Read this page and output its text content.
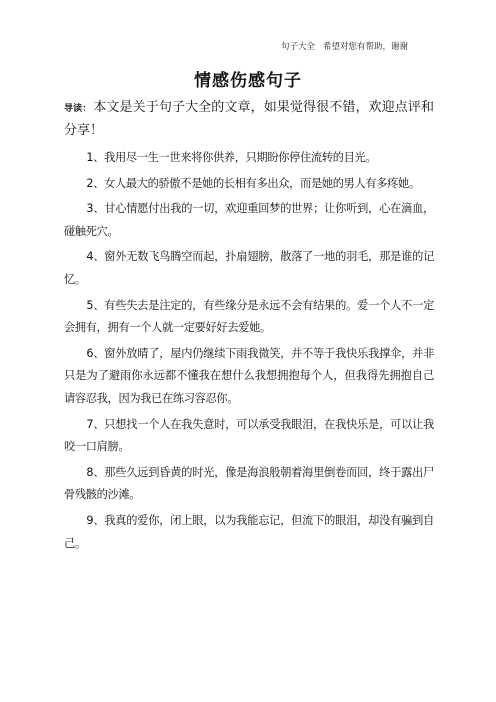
句子大全 希望对您有帮助，谢谢
情感伤感句子

导读： 本文是关于句子大全的文章，如果觉得很不错，欢迎点评和分享！

1、我用尽一生一世来将你供养，只期盼你停住流转的目光。

2、女人最大的骄傲不是她的长相有多出众，而是她的男人有多疼她。

3、甘心情愿付出我的一切，欢迎重回梦的世界；让你听到，心在滴血，碰触死穴。

4、窗外无数飞鸟腾空而起，扑扇翅膀，散落了一地的羽毛，那是谁的记忆。

5、有些失去是注定的，有些缘分是永远不会有结果的。爱一个人不一定会拥有，拥有一个人就一定要好好去爱她。

6、窗外放晴了，屋内仍继续下雨我微笑，并不等于我快乐我撑伞，并非只是为了避雨你永远都不懂我在想什么我想拥抱每个人，但我得先拥抱自己请容忍我，因为我已在练习容忍你。

7、只想找一个人在我失意时，可以承受我眼泪，在我快乐是，可以让我咬一口肩膀。

8、那些久远到昏黄的时光，像是海浪般朝着海里倒卷而回，终于露出尸骨残骸的沙滩。

9、我真的爱你，闭上眼，以为我能忘记，但流下的眼泪，却没有骗到自己。
